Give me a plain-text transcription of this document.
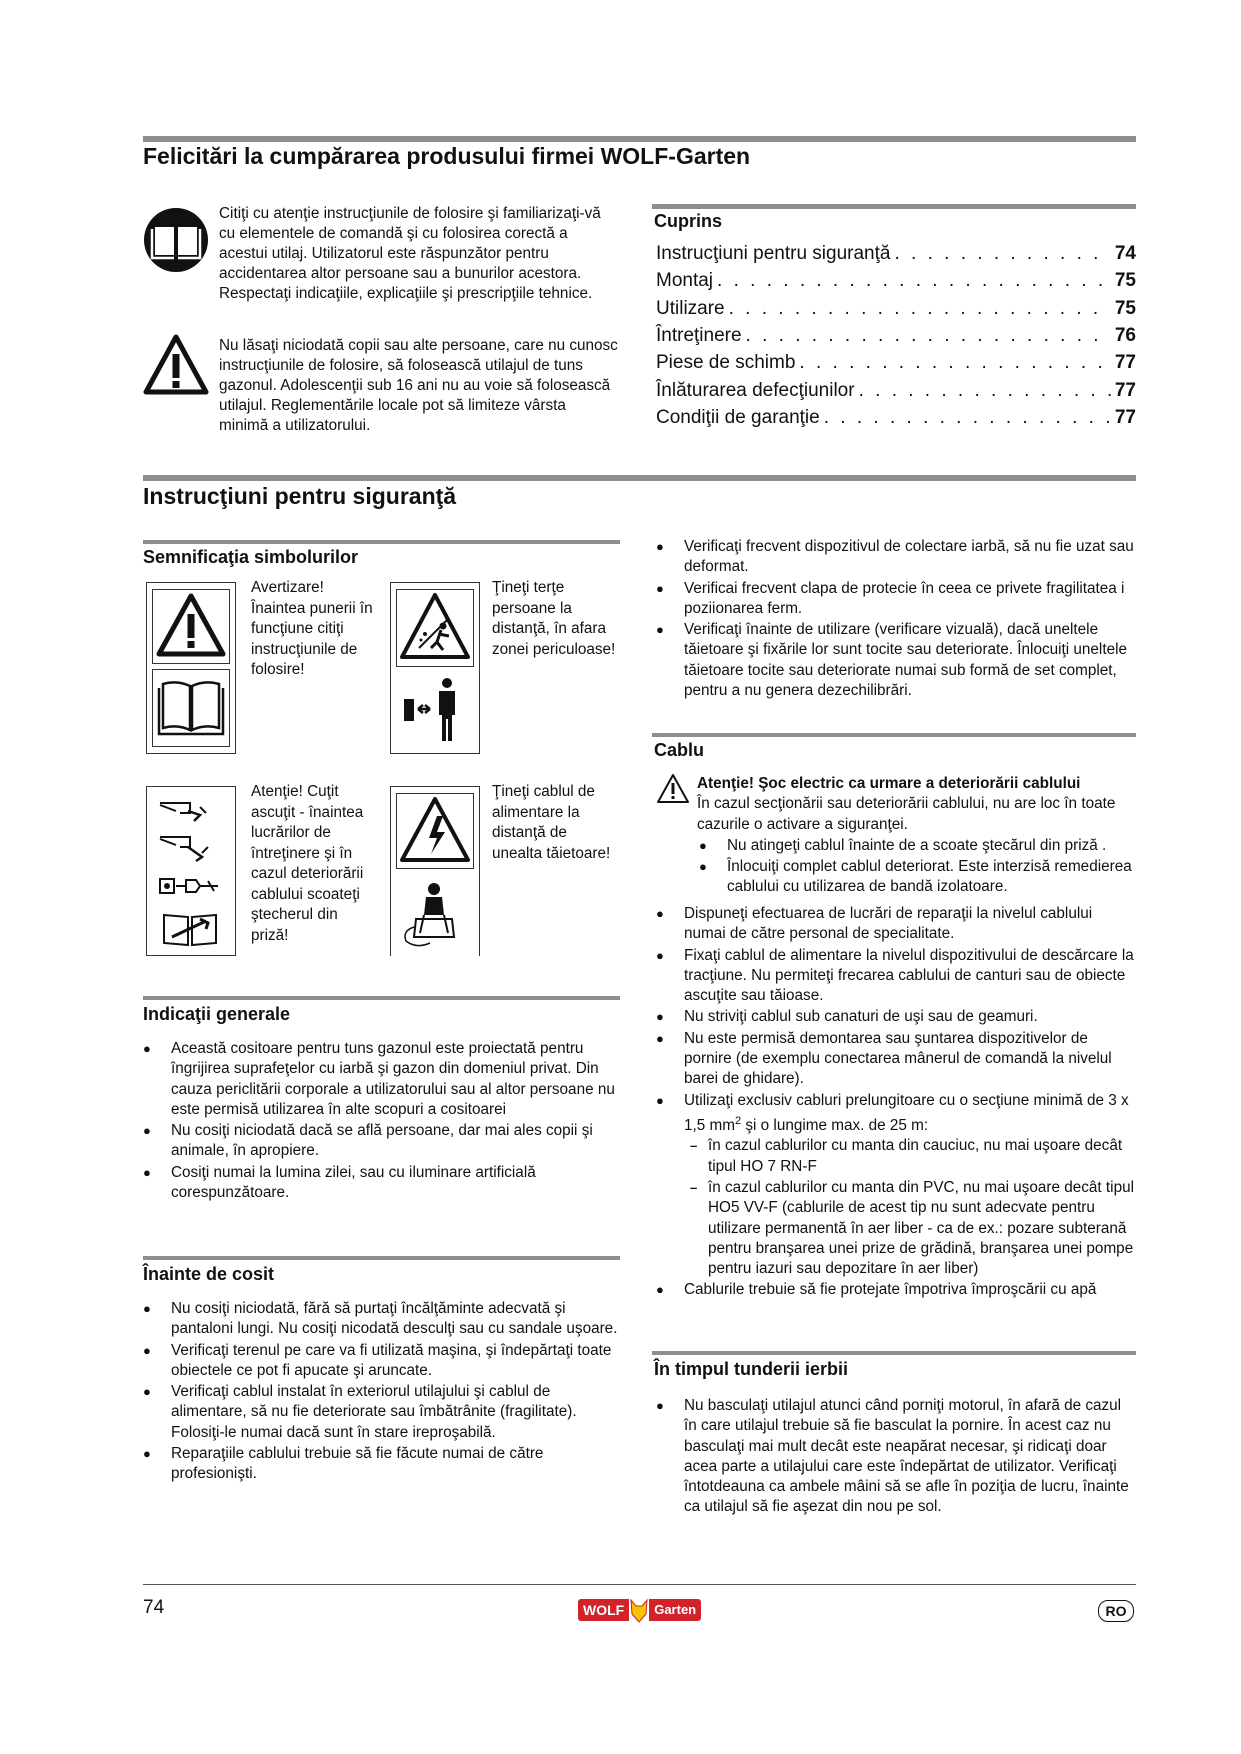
Felicitări la cumpărarea produsului firmei WOLF-Garten
Citiţi cu atenţie instrucţiunile de folosire şi familiarizaţi-vă cu elementele de comandă şi cu folosirea corectă a acestui utilaj. Utilizatorul este răspunzător pentru accidentarea altor persoane sau a bunurilor acestora. Respectaţi indicaţiile, explicaţiile şi prescripţiile tehnice.
Nu lăsaţi niciodată copii sau alte persoane, care nu cunosc instrucţiunile de folosire, să folosească utilajul de tuns gazonul. Adolescenţii sub 16 ani nu au voie să folosească utilajul. Reglementările locale pot să limiteze vârsta minimă a utilizatorului.
Cuprins
Instrucţiuni pentru siguranţă . . .	74
Montaj . . .	75
Utilizare . . .	75
Întreţinere . . .	76
Piese de schimb . . .	77
Înlăturarea defecţiunilor . . .	77
Condiţii de garanţie . . .	77
Instrucţiuni pentru siguranţă
Semnificaţia simbolurilor
Avertizare! Înaintea punerii în funcţiune citiţi instrucţiunile de folosire!
Ţineţi terţe persoane la distanţă, în afara zonei periculoase!
Atenţie! Cuţit ascuţit - înaintea lucrărilor de întreţinere şi în cazul deteriorării cablului scoateţi ştecherul din priză!
Ţineţi cablul de alimentare la distanţă de unealta tăietoare!
Indicaţii generale
● Această cositoare pentru tuns gazonul este proiectată pentru îngrijirea suprafeţelor cu iarbă şi gazon din domeniul privat. Din cauza periclitării corporale a utilizatorului sau al altor persoane nu este permisă utilizarea în alte scopuri a cositoarei
● Nu cosiţi niciodată dacă se află persoane, dar mai ales copii şi animale, în apropiere.
● Cosiţi numai la lumina zilei, sau cu iluminare artificială corespunzătoare.
Înainte de cosit
● Nu cosiţi niciodată, fără să purtaţi încălţăminte adecvată şi pantaloni lungi. Nu cosiţi nicodată desculţi sau cu sandale uşoare.
● Verificaţi terenul pe care va fi utilizată maşina, şi îndepărtaţi toate obiectele ce pot fi apucate şi aruncate.
● Verificaţi cablul instalat în exteriorul utilajului şi cablul de alimentare, să nu fie deteriorate sau îmbătrânite (fragilitate). Folosiţi-le numai dacă sunt în stare ireproşabilă.
● Reparaţiile cablului trebuie să fie făcute numai de către profesionişti.
● Verificaţi frecvent dispozitivul de colectare iarbă, să nu fie uzat sau deformat.
● Verificai frecvent clapa de protecie în ceea ce privete fragilitatea i poziionarea ferm.
● Verificaţi înainte de utilizare (verificare vizuală), dacă uneltele tăietoare şi fixările lor sunt tocite sau deteriorate. Înlocuiţi uneltele tăietoare tocite sau deteriorate numai sub formă de set complet, pentru a nu genera dezechilibrări.
Cablu
Atenţie! Şoc electric ca urmare a deteriorării cablului
În cazul secţionării sau deteriorării cablului, nu are loc în toate cazurile o activare a siguranţei.
● Nu atingeţi cablul înainte de a scoate ştecărul din priză .
● Înlocuiţi complet cablul deteriorat. Este interzisă remedierea cablului cu utilizarea de bandă izolatoare.
● Dispuneţi efectuarea de lucrări de reparaţii la nivelul cablului numai de către personal de specialitate.
● Fixaţi cablul de alimentare la nivelul dispozitivului de descărcare la tracţiune. Nu permiteţi frecarea cablului de canturi sau de obiecte ascuţite sau tăioase.
● Nu striviţi cablul sub canaturi de uşi sau de geamuri.
● Nu este permisă demontarea sau şuntarea dispozitivelor de pornire (de exemplu conectarea mânerul de comandă la nivelul barei de ghidare).
● Utilizaţi exclusiv cabluri prelungitoare cu o secţiune minimă de 3 x 1,5 $mm^2$ şi o lungime max. de 25 m:
– în cazul cablurilor cu manta din cauciuc, nu mai uşoare decât tipul HO 7 RN-F
– în cazul cablurilor cu manta din PVC, nu mai uşoare decât tipul HO5 VV-F (cablurile de acest tip nu sunt adecvate pentru utilizare permanentă în aer liber - ca de ex.: pozare subterană pentru branşarea unei prize de grădină, branşarea unei pompe pentru iazuri sau depozitare în aer liber)
● Cablurile trebuie să fie protejate împotriva împroşcării cu apă
În timpul tunderii ierbii
● Nu basculaţi utilajul atunci când porniţi motorul, în afară de cazul în care utilajul trebuie să fie basculat la pornire. În acest caz nu basculaţi mai mult decât este neapărat necesar, şi ridicaţi doar acea parte a utilajului care este îndepărtat de utilizator. Verificaţi întotdeauna ca ambele mâini să se afle în poziţia de lucru, înainte ca utilajul să fie aşezat din nou pe sol.
74	WOLF	Garten	RO
